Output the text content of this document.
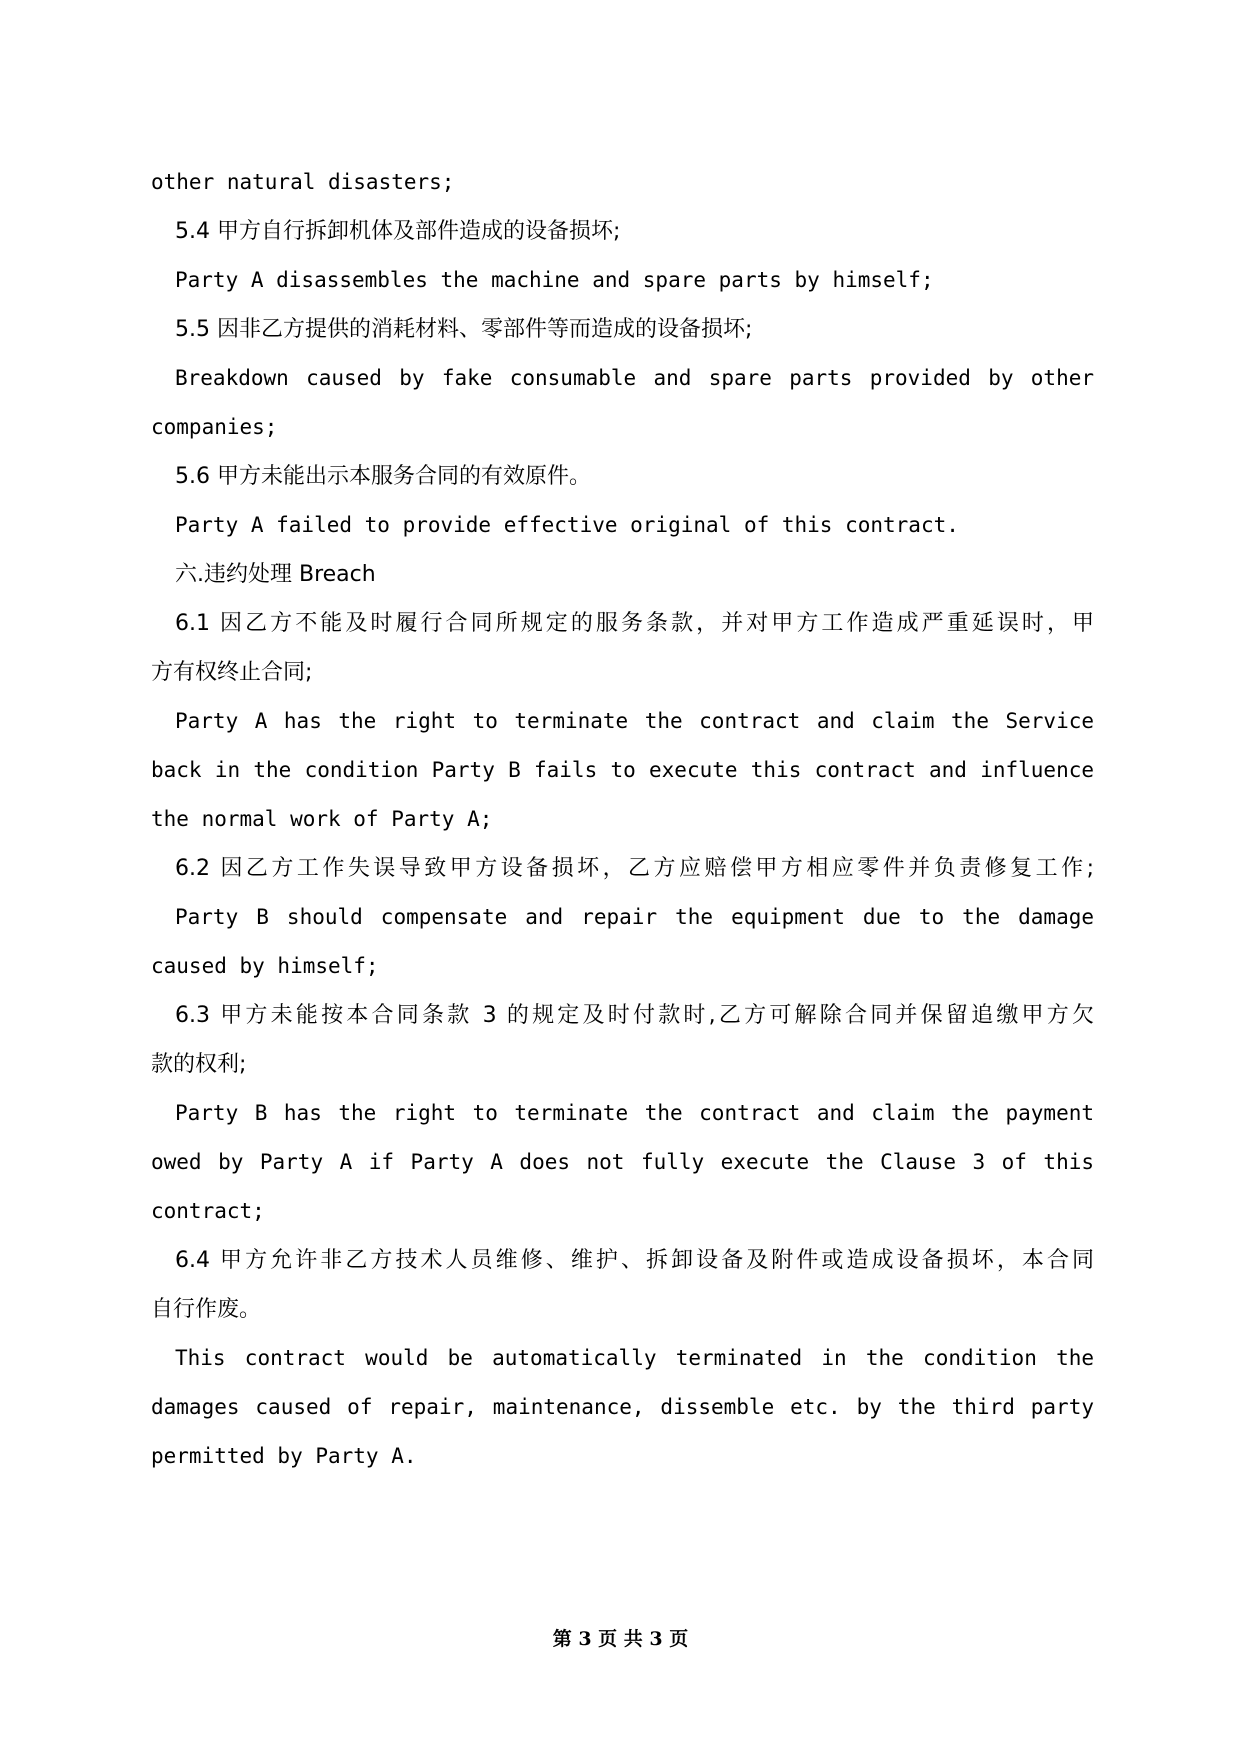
other natural disasters;
5.4 甲方自行拆卸机体及部件造成的设备损坏;
Party A disassembles the machine and spare parts by himself;
5.5 因非乙方提供的消耗材料、零部件等而造成的设备损坏;
Breakdown caused by fake consumable and spare parts provided by other
companies;
5.6 甲方未能出示本服务合同的有效原件。
Party A failed to provide effective original of this contract.
六.违约处理 Breach
6.1 因乙方不能及时履行合同所规定的服务条款，并对甲方工作造成严重延误时，甲
方有权终止合同;
Party A has the right to terminate the contract and claim the Service
back in the condition Party B fails to execute this contract and influence
the normal work of Party A;
6.2 因乙方工作失误导致甲方设备损坏，乙方应赔偿甲方相应零件并负责修复工作;
Party B should compensate and repair the equipment due to the damage
caused by himself;
6.3 甲方未能按本合同条款 3 的规定及时付款时,乙方可解除合同并保留追缴甲方欠
款的权利;
Party B has the right to terminate the contract and claim the payment
owed by Party A if Party A does not fully execute the Clause 3 of this
contract;
6.4 甲方允许非乙方技术人员维修、维护、拆卸设备及附件或造成设备损坏，本合同
自行作废。
This contract would be automatically terminated in the condition the
damages caused of repair, maintenance, dissemble etc. by the third party
permitted by Party A.
第 3 页 共 3 页
